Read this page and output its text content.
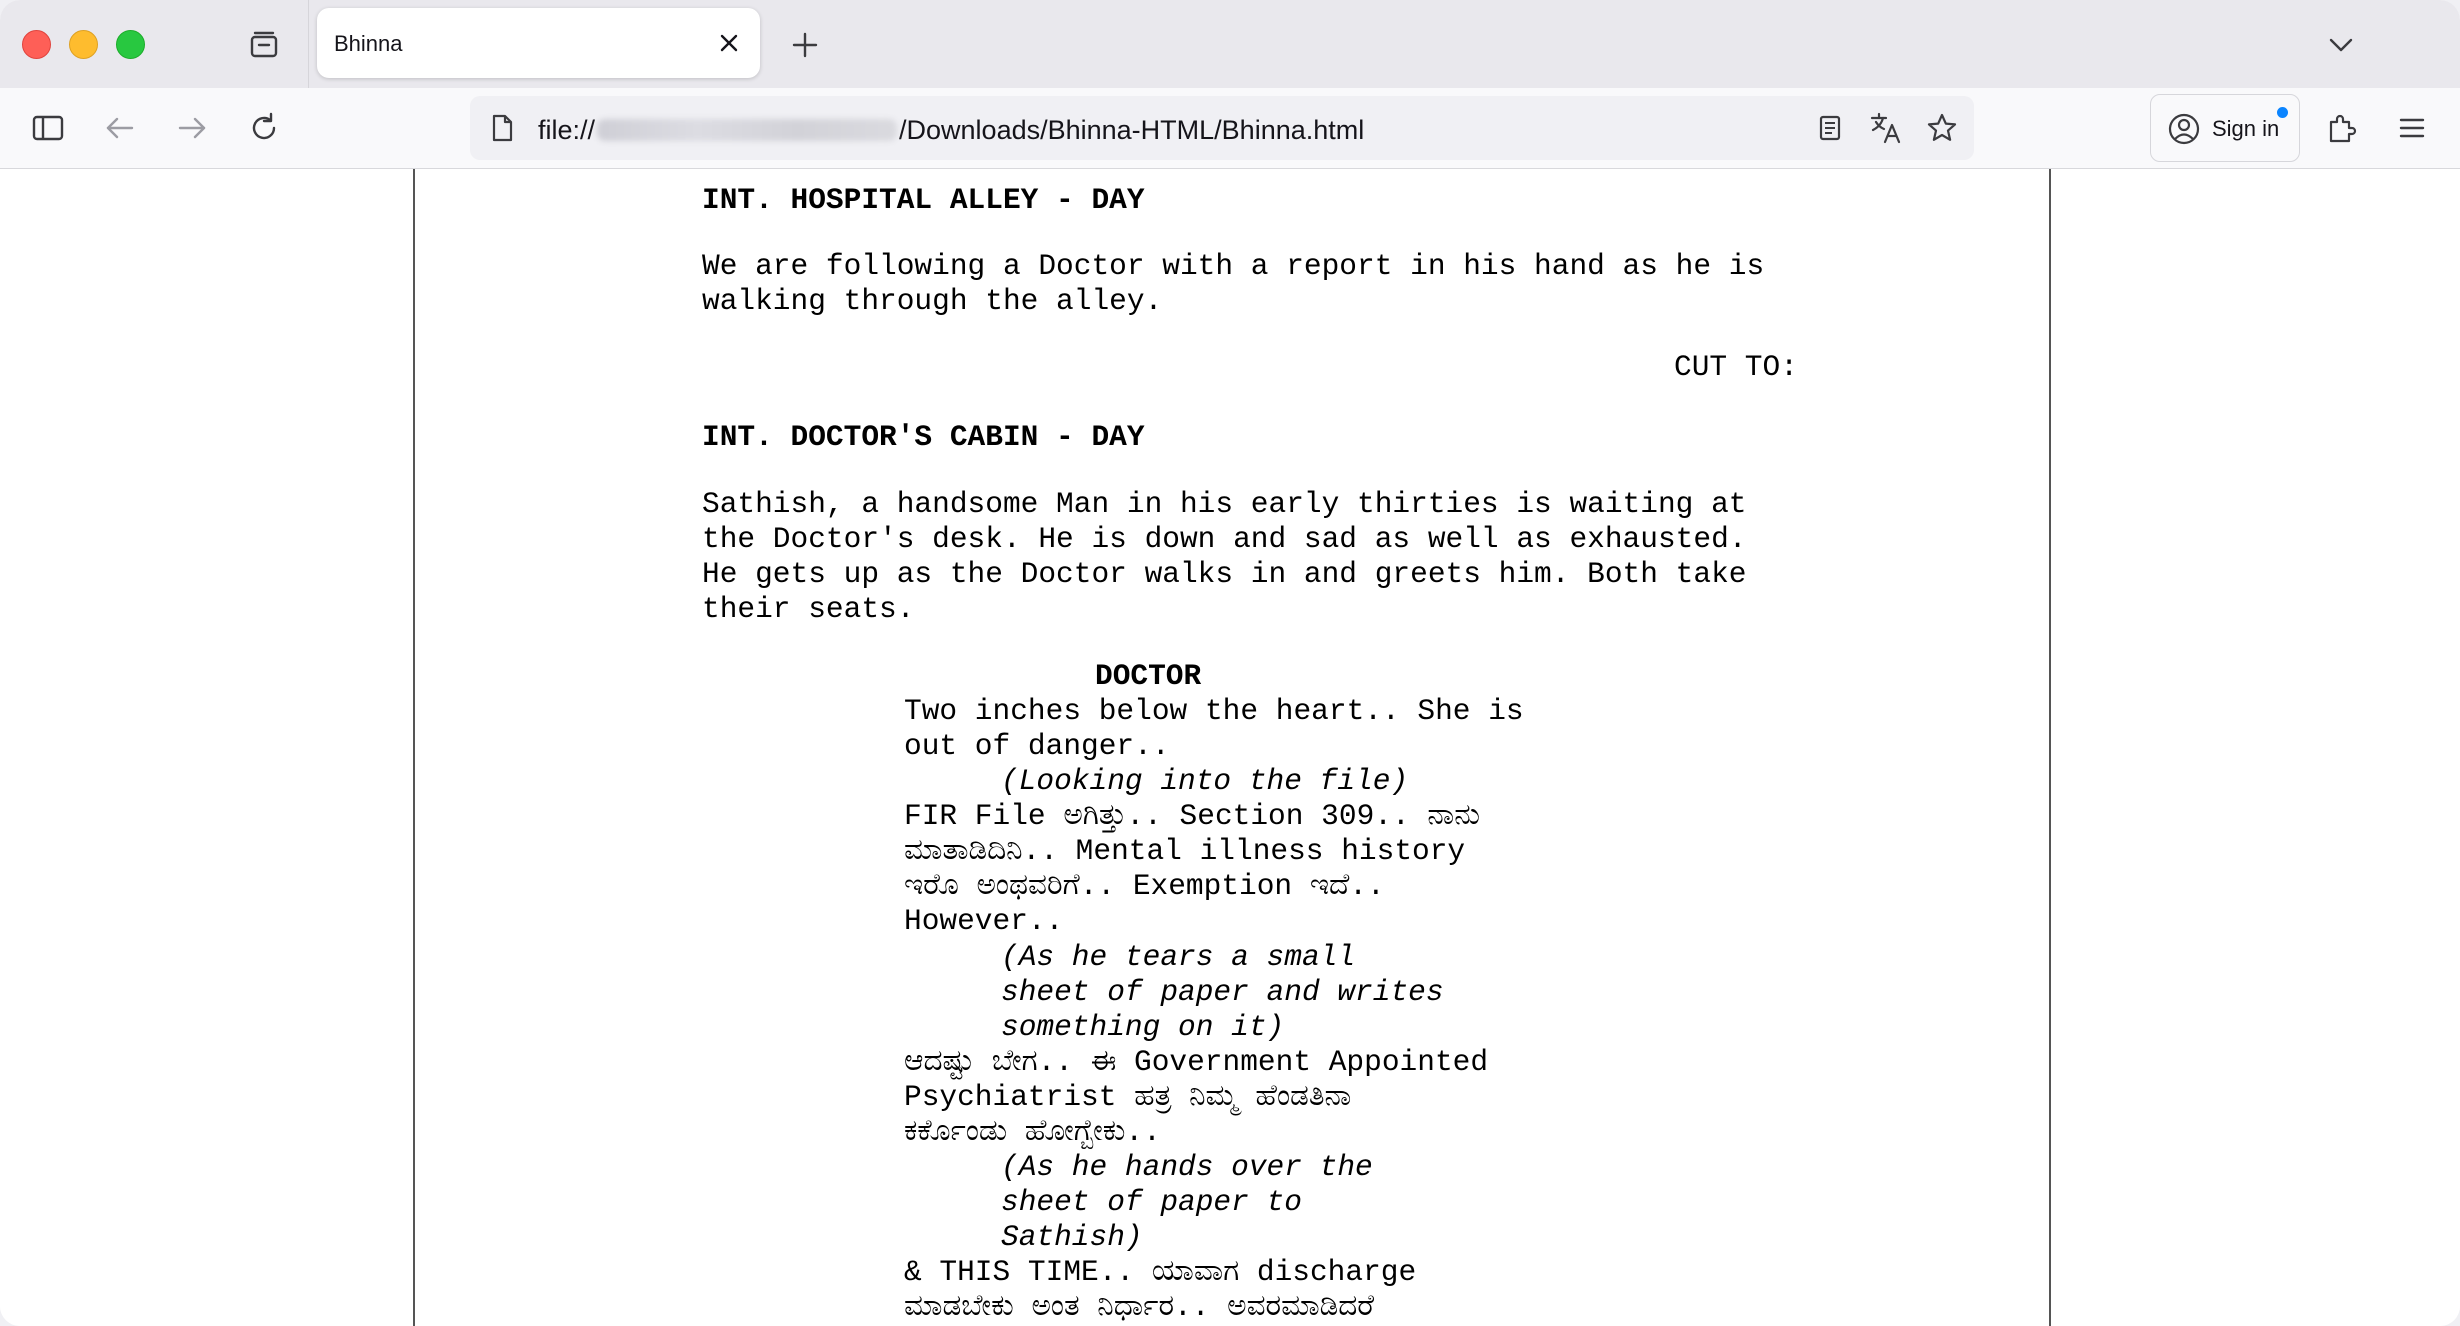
Bhinna
file://	/Downloads/Bhinna-HTML/Bhinna.html	Sign in
INT. HOSPITAL ALLEY - DAY
We are following a Doctor with a report in his hand as he is
walking through the alley.
CUT TO:
INT. DOCTOR'S CABIN - DAY
Sathish, a handsome Man in his early thirties is waiting at
the Doctor's desk. He is down and sad as well as exhausted.
He gets up as the Doctor walks in and greets him. Both take
their seats.
DOCTOR
Two inches below the heart.. She is
out of danger..
(Looking into the file)
FIR File ಅಗಿತ್ತು.. Section 309.. ನಾನು
ಮಾತಾಡಿದಿನಿ.. Mental illness history
ಇರೊ ಅಂಥವರಿಗೆ.. Exemption ಇದೆ..
However..
(As he tears a small
sheet of paper and writes
something on it)
ಆದಷ್ಟು ಬೇಗ.. ಈ Government Appointed
Psychiatrist ಹತ್ರ ನಿಮ್ಮ ಹೆಂಡತಿನಾ
ಕರ್ಕೊಂಡು ಹೋಗ್ಬೇಕು..
(As he hands over the
sheet of paper to
Sathish)
& THIS TIME.. ಯಾವಾಗ discharge
ಮಾಡಬೇಕು ಅಂತ ನಿರ್ಧಾರ.. ಅವರಮಾಡಿದರೆ
